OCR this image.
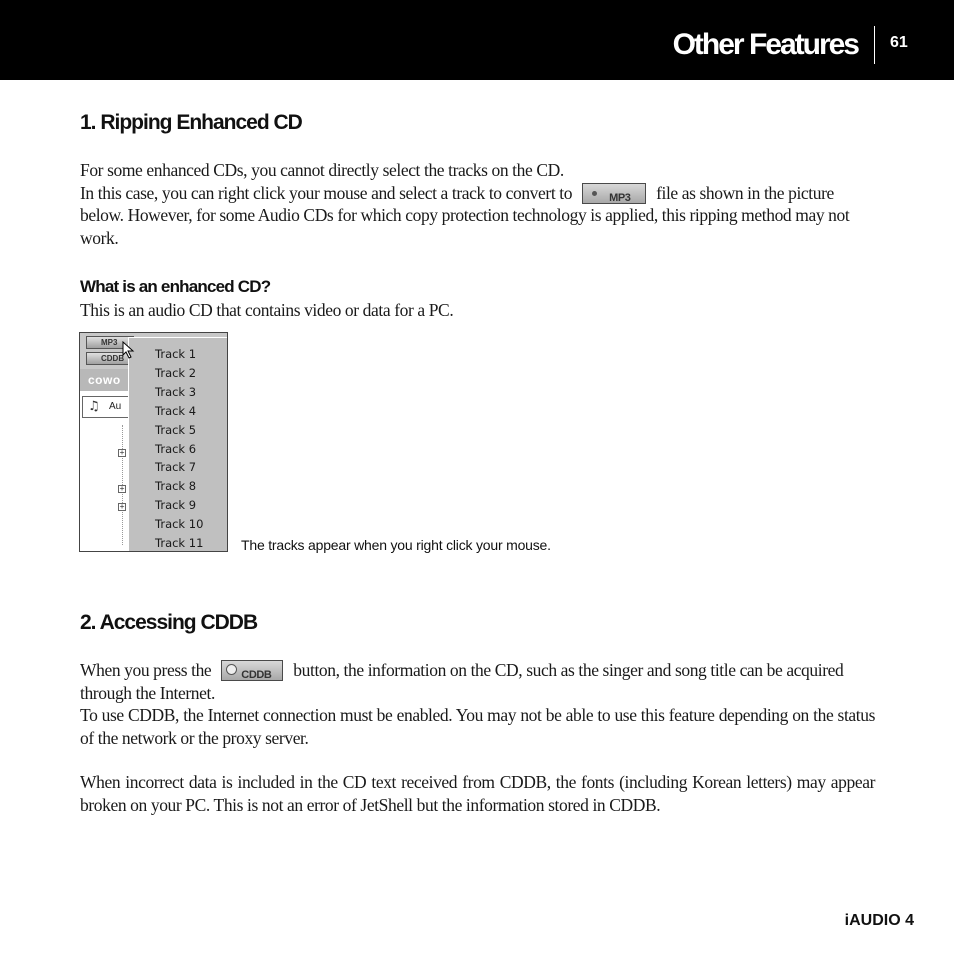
Other Features 61
1. Ripping Enhanced CD

For some enhanced CDs, you cannot directly select the tracks on the CD.
In this case, you can right click your mouse and select a track to convert to	MP3 file as shown in the picture below. However, for some Audio CDs for which copy protection technology is applied, this ripping method may not work.

What is an enhanced CD?

This is an audio CD that contains video or data for a PC.

MP3
CDDB
cowo
♫ Au
+
+
+
Track 1
Track 2
Track 3
Track 4
Track 5
Track 6
Track 7
Track 8
Track 9
Track 10
Track 11	The tracks appear when you right click your mouse.
2. Accessing CDDB

When you press the	CDDB button, the information on the CD, such as the singer and song title can be acquired through the Internet.

To use CDDB, the Internet connection must be enabled. You may not be able to use this feature depending on the status of the network or the proxy server.

When incorrect data is included in the CD text received from CDDB, the fonts (including Korean letters) may appear broken on your PC. This is not an error of JetShell but the information stored in CDDB.

iAUDIO 4
